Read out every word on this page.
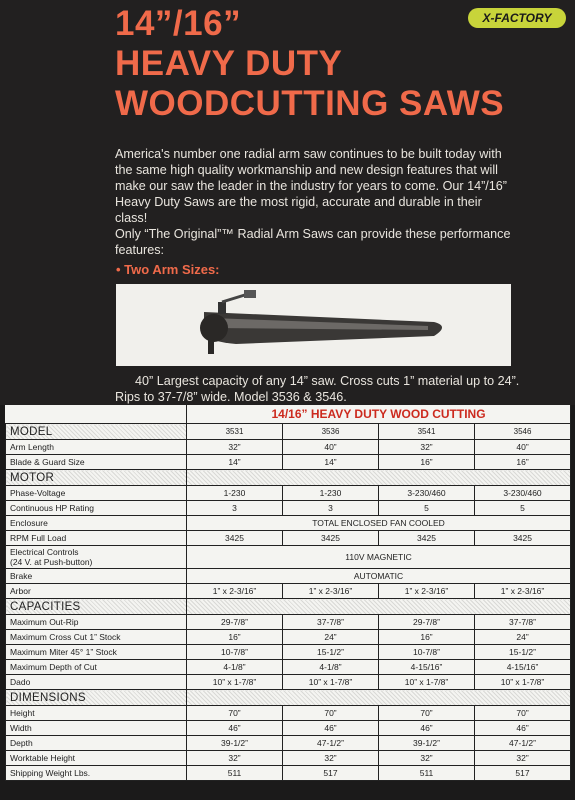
14”/16”
HEAVY DUTY
WOODCUTTING SAWS
X-FACTORY

America's number one radial arm saw continues to be built today with the same high quality workmanship and new design features that will make our saw the leader in the industry for years to come. Our 14”/16” Heavy Duty Saws are the most rigid, accurate and durable in their class!

Only “The Original”™ Radial Arm Saws can provide these performance features:

• Two Arm Sizes:

40” Largest capacity of any 14” saw. Cross cuts 1” material up to 24”. Rips to 37-7/8” wide. Model 3536 & 3546.

	14/16” HEAVY DUTY WOOD CUTTING			
MODEL	3531	3536	3541	3546
Arm Length	32”	40”	32”	40”
Blade & Guard Size	14”	14”	16”	16”
MOTOR				
Phase-Voltage	1-230	1-230	3-230/460	3-230/460
Continuous HP Rating	3	3	5	5
Enclosure	TOTAL ENCLOSED FAN COOLED			
RPM Full Load	3425	3425	3425	3425
Electrical Controls
(24 V. at Push-button)	110V MAGNETIC			
Brake	AUTOMATIC			
Arbor	1” x 2-3/16”	1” x 2-3/16”	1” x 2-3/16”	1” x 2-3/16”
CAPACITIES				
Maximum Out-Rip	29-7/8”	37-7/8”	29-7/8”	37-7/8”
Maximum Cross Cut 1” Stock	16”	24”	16”	24”
Maximum Miter 45° 1” Stock	10-7/8”	15-1/2”	10-7/8”	15-1/2”
Maximum Depth of Cut	4-1/8”	4-1/8”	4-15/16”	4-15/16”
Dado	10” x 1-7/8”	10” x 1-7/8”	10” x 1-7/8”	10” x 1-7/8”
DIMENSIONS				
Height	70”	70”	70”	70”
Width	46”	46”	46”	46”
Depth	39-1/2”	47-1/2”	39-1/2”	47-1/2”
Worktable Height	32”	32”	32”	32”
Shipping Weight Lbs.	511	517	511	517
